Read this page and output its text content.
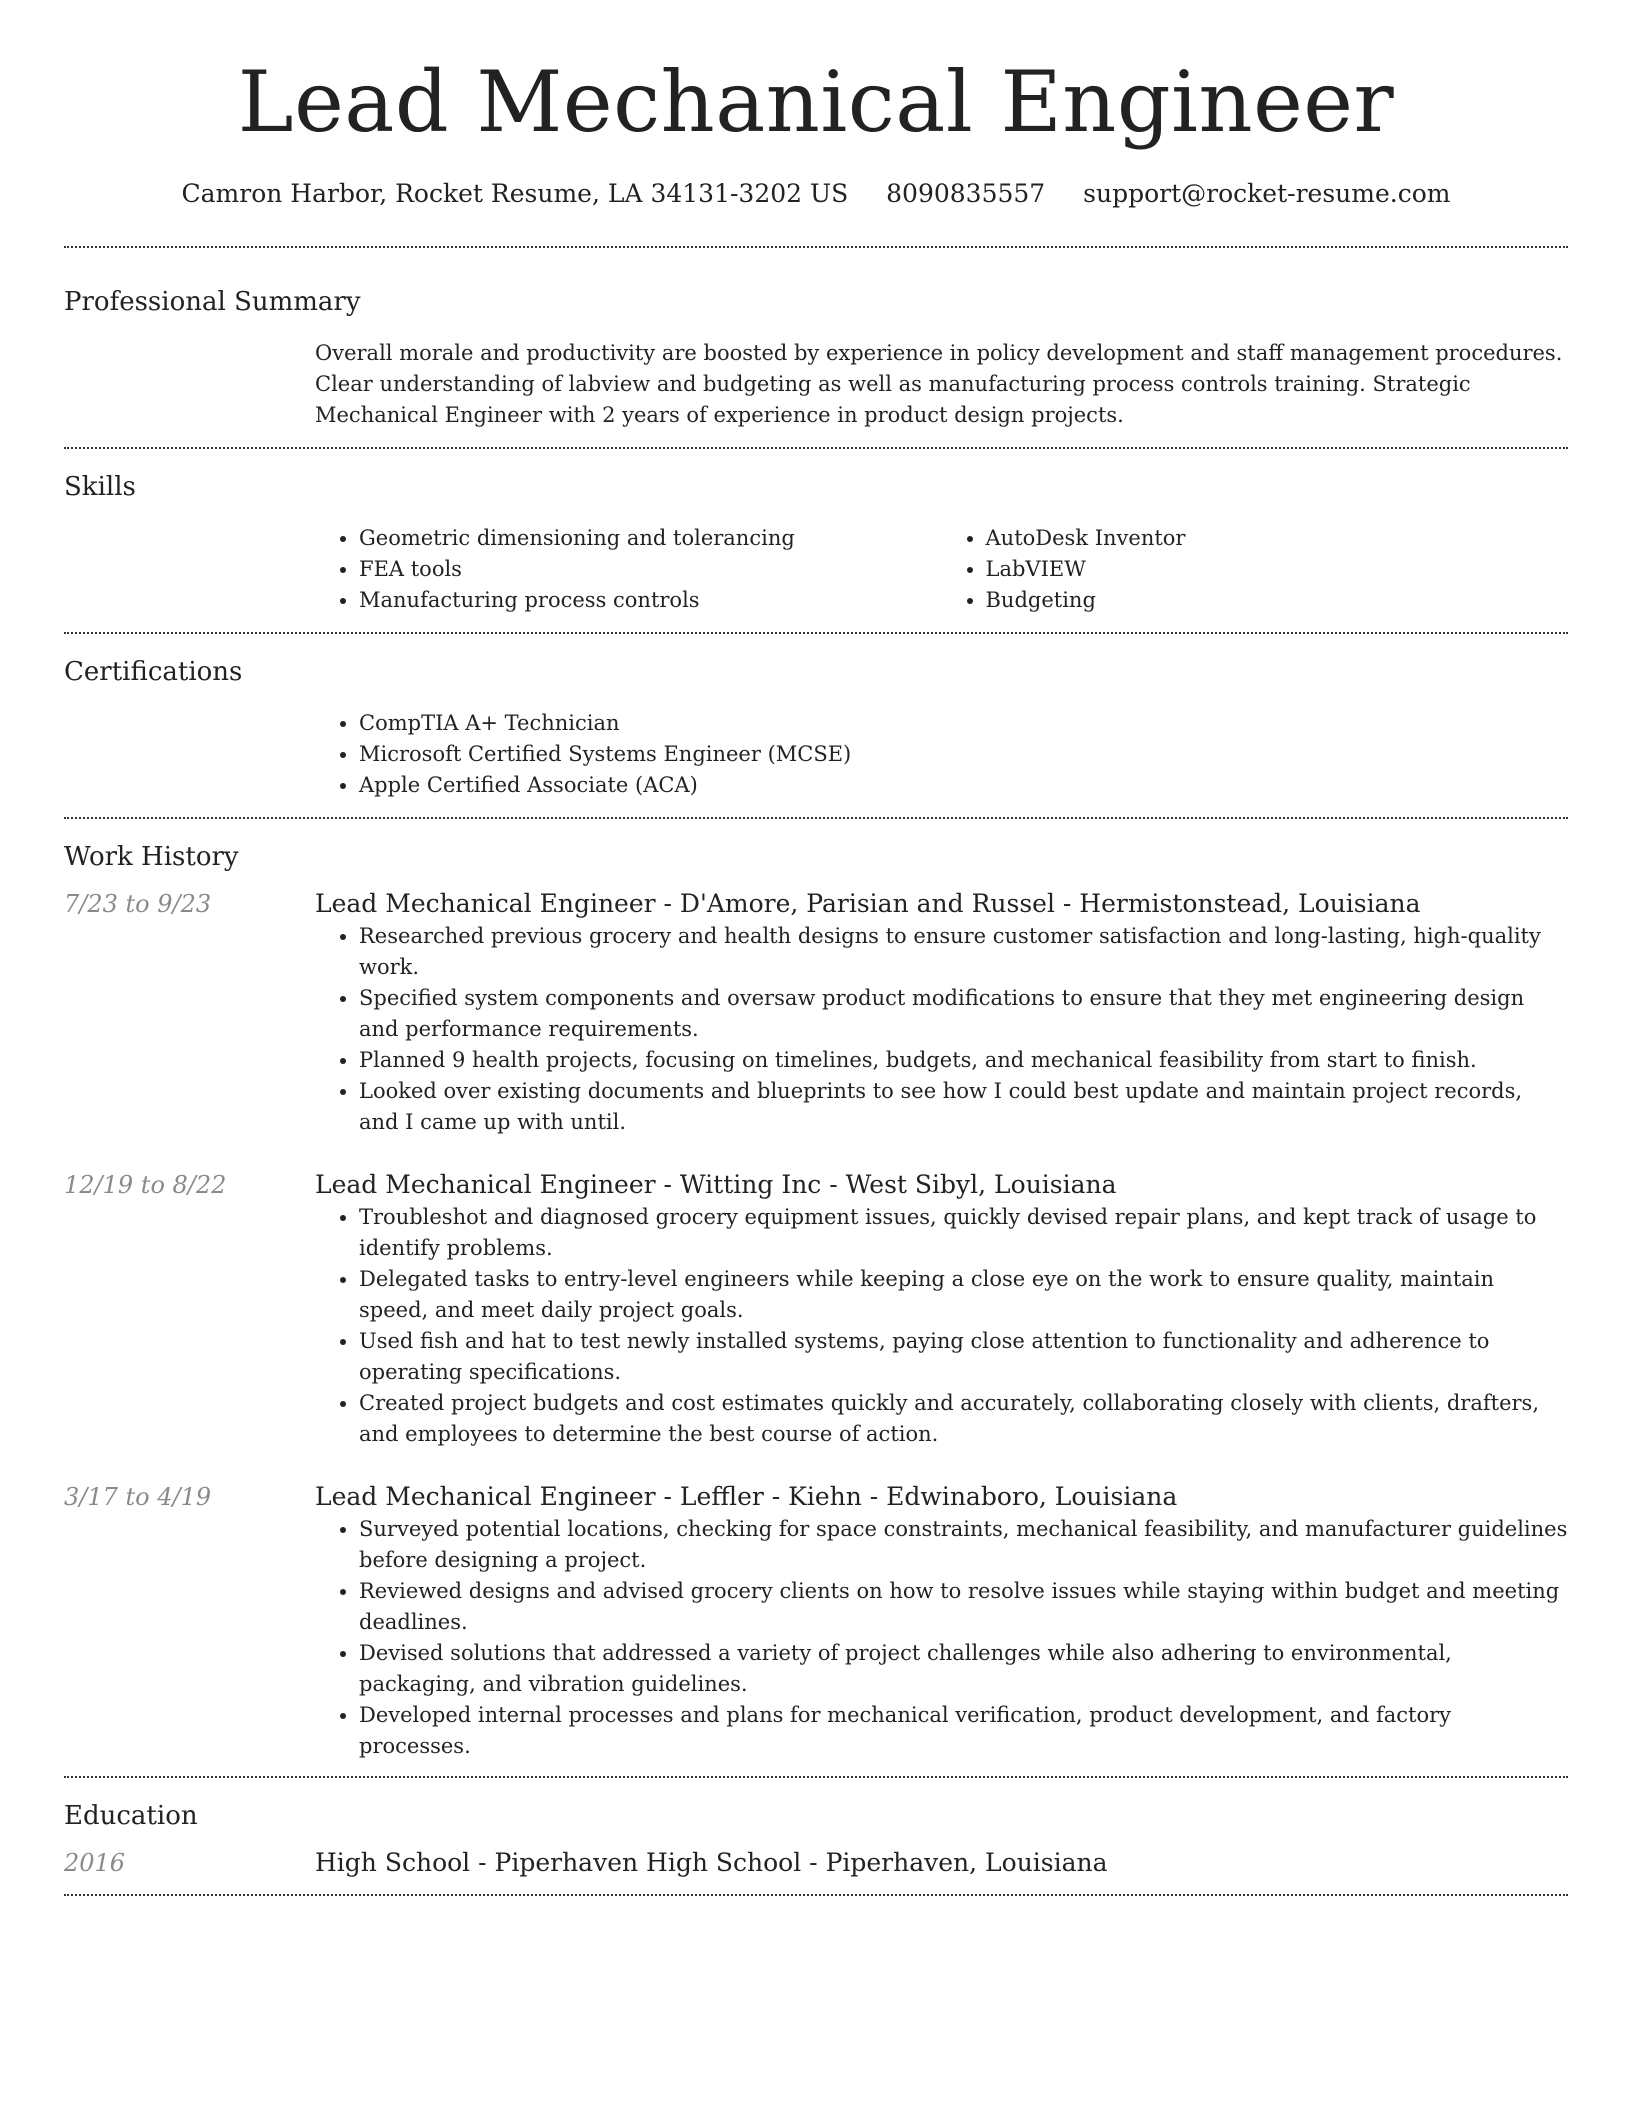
Lead Mechanical Engineer
Camron Harbor, Rocket Resume, LA 34131-3202 US 8090835557 support@rocket-resume.com
Professional Summary

Overall morale and productivity are boosted by experience in policy development and staff management procedures. Clear understanding of labview and budgeting as well as manufacturing process controls training. Strategic Mechanical Engineer with 2 years of experience in product design projects.

Skills
• Geometric dimensioning and tolerancing
• FEA tools
• Manufacturing process controls
• AutoDesk Inventor
• LabVIEW
• Budgeting
Certifications
• CompTIA A+ Technician
• Microsoft Certified Systems Engineer (MCSE)
• Apple Certified Associate (ACA)
Work History
7/23 to 9/23	Lead Mechanical Engineer - D'Amore, Parisian and Russel - Hermistonstead, Louisiana
• Researched previous grocery and health designs to ensure customer satisfaction and long-lasting, high-quality work.
• Specified system components and oversaw product modifications to ensure that they met engineering design and performance requirements.
• Planned 9 health projects, focusing on timelines, budgets, and mechanical feasibility from start to finish.
• Looked over existing documents and blueprints to see how I could best update and maintain project records, and I came up with until.
12/19 to 8/22	Lead Mechanical Engineer - Witting Inc - West Sibyl, Louisiana
• Troubleshot and diagnosed grocery equipment issues, quickly devised repair plans, and kept track of usage to identify problems.
• Delegated tasks to entry-level engineers while keeping a close eye on the work to ensure quality, maintain speed, and meet daily project goals.
• Used fish and hat to test newly installed systems, paying close attention to functionality and adherence to operating specifications.
• Created project budgets and cost estimates quickly and accurately, collaborating closely with clients, drafters, and employees to determine the best course of action.
3/17 to 4/19	Lead Mechanical Engineer - Leffler - Kiehn - Edwinaboro, Louisiana
• Surveyed potential locations, checking for space constraints, mechanical feasibility, and manufacturer guidelines before designing a project.
• Reviewed designs and advised grocery clients on how to resolve issues while staying within budget and meeting deadlines.
• Devised solutions that addressed a variety of project challenges while also adhering to environmental, packaging, and vibration guidelines.
• Developed internal processes and plans for mechanical verification, product development, and factory processes.
Education
2016	High School - Piperhaven High School - Piperhaven, Louisiana
